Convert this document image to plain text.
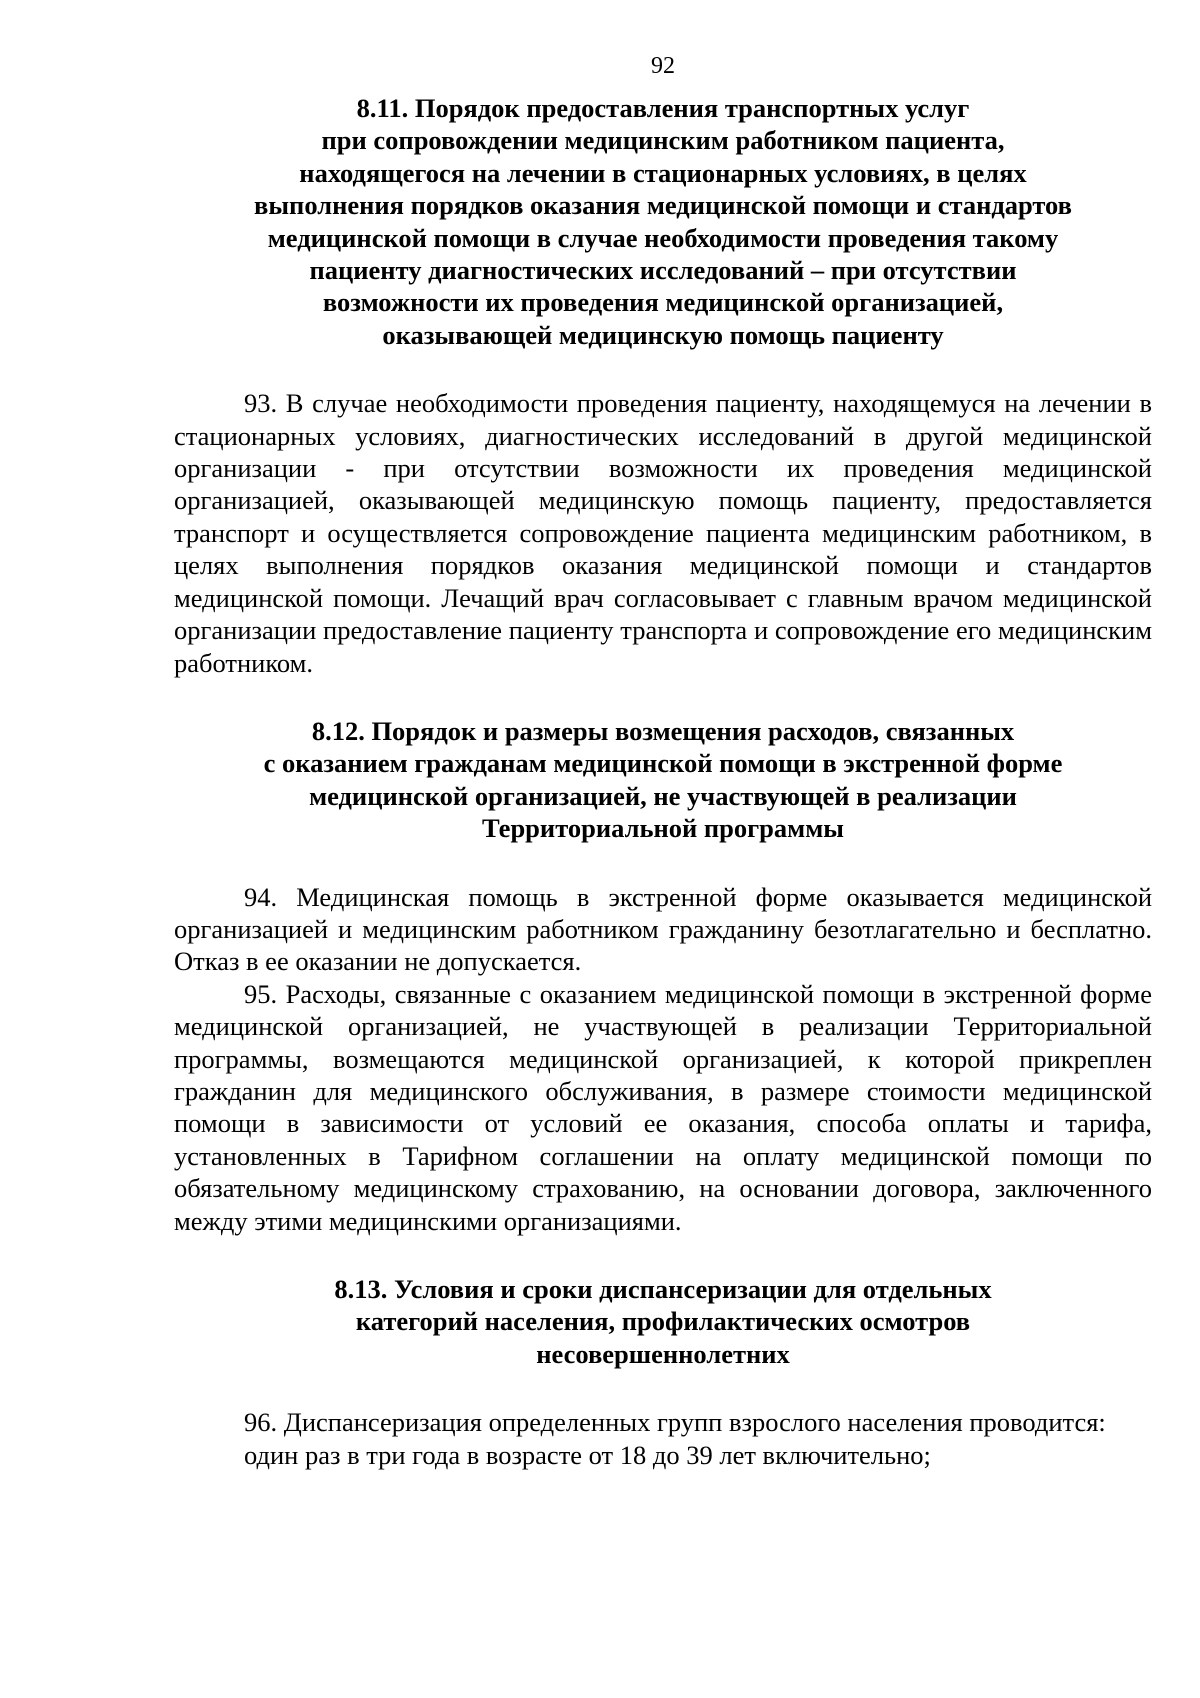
92
8.11. Порядок предоставления транспортных услуг
при сопровождении медицинским работником пациента,
находящегося на лечении в стационарных условиях, в целях
выполнения порядков оказания медицинской помощи и стандартов
медицинской помощи в случае необходимости проведения такому
пациенту диагностических исследований – при отсутствии
возможности их проведения медицинской организацией,
оказывающей медицинскую помощь пациенту

93. В случае необходимости проведения пациенту, находящемуся на лечении в стационарных условиях, диагностических исследований в другой медицинской организации - при отсутствии возможности их проведения медицинской организацией, оказывающей медицинскую помощь пациенту, предоставляется транспорт и осуществляется сопровождение пациента медицинским работником, в целях выполнения порядков оказания медицинской помощи и стандартов медицинской помощи. Лечащий врач согласовывает с главным врачом медицинской организации предоставление пациенту транспорта и сопровождение его медицинским работником.

8.12. Порядок и размеры возмещения расходов, связанных
с оказанием гражданам медицинской помощи в экстренной форме
медицинской организацией, не участвующей в реализации
Территориальной программы

94. Медицинская помощь в экстренной форме оказывается медицинской организацией и медицинским работником гражданину безотлагательно и бесплатно. Отказ в ее оказании не допускается.

95. Расходы, связанные с оказанием медицинской помощи в экстренной форме медицинской организацией, не участвующей в реализации Территориальной программы, возмещаются медицинской организацией, к которой прикреплен гражданин для медицинского обслуживания, в размере стоимости медицинской помощи в зависимости от условий ее оказания, способа оплаты и тарифа, установленных в Тарифном соглашении на оплату медицинской помощи по обязательному медицинскому страхованию, на основании договора, заключенного между этими медицинскими организациями.

8.13. Условия и сроки диспансеризации для отдельных
категорий населения, профилактических осмотров
несовершеннолетних

96. Диспансеризация определенных групп взрослого населения проводится:

один раз в три года в возрасте от 18 до 39 лет включительно;
